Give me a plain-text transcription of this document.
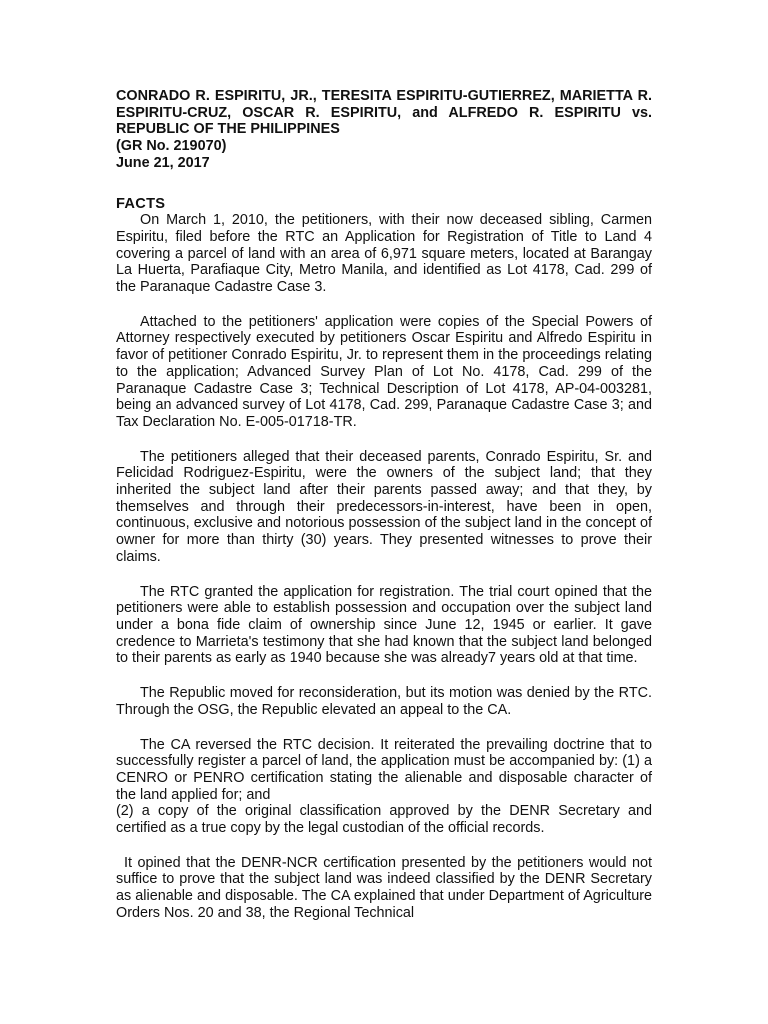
CONRADO R. ESPIRITU, JR., TERESITA ESPIRITU-GUTIERREZ, MARIETTA R. ESPIRITU-CRUZ, OSCAR R. ESPIRITU, and ALFREDO R. ESPIRITU vs. REPUBLIC OF THE PHILIPPINES

(GR No. 219070)

June 21, 2017

FACTS

On March 1, 2010, the petitioners, with their now deceased sibling, Carmen Espiritu, filed before the RTC an Application for Registration of Title to Land 4 covering a parcel of land with an area of 6,971 square meters, located at Barangay La Huerta, Parafiaque City, Metro Manila, and identified as Lot 4178, Cad. 299 of the Paranaque Cadastre Case 3.

Attached to the petitioners' application were copies of the Special Powers of Attorney respectively executed by petitioners Oscar Espiritu and Alfredo Espiritu in favor of petitioner Conrado Espiritu, Jr. to represent them in the proceedings relating to the application; Advanced Survey Plan of Lot No. 4178, Cad. 299 of the Paranaque Cadastre Case 3; Technical Description of Lot 4178, AP-04-003281, being an advanced survey of Lot 4178, Cad. 299, Paranaque Cadastre Case 3; and Tax Declaration No. E-005-01718-TR.

The petitioners alleged that their deceased parents, Conrado Espiritu, Sr. and Felicidad Rodriguez-Espiritu, were the owners of the subject land; that they inherited the subject land after their parents passed away; and that they, by themselves and through their predecessors-in-interest, have been in open, continuous, exclusive and notorious possession of the subject land in the concept of owner for more than thirty (30) years. They presented witnesses to prove their claims.

The RTC granted the application for registration. The trial court opined that the petitioners were able to establish possession and occupation over the subject land under a bona fide claim of ownership since June 12, 1945 or earlier. It gave credence to Marrieta's testimony that she had known that the subject land belonged to their parents as early as 1940 because she was already7 years old at that time.

The Republic moved for reconsideration, but its motion was denied by the RTC. Through the OSG, the Republic elevated an appeal to the CA.

The CA reversed the RTC decision. It reiterated the prevailing doctrine that to successfully register a parcel of land, the application must be accompanied by: (1) a CENRO or PENRO certification stating the alienable and disposable character of the land applied for; and

(2) a copy of the original classification approved by the DENR Secretary and certified as a true copy by the legal custodian of the official records.

It opined that the DENR-NCR certification presented by the petitioners would not suffice to prove that the subject land was indeed classified by the DENR Secretary as alienable and disposable. The CA explained that under Department of Agriculture Orders Nos. 20 and 38, the Regional Technical
